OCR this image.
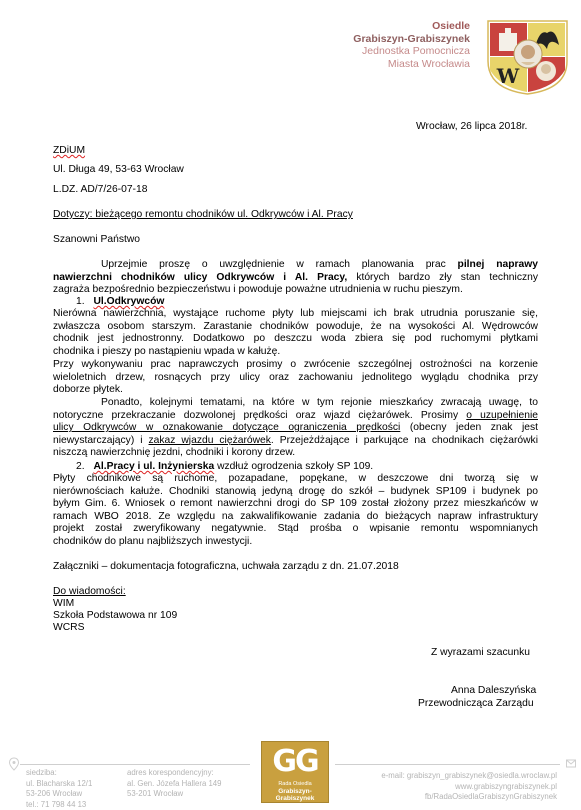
Osiedle
Grabiszyn-Grabiszynek
Jednostka Pomocnicza
Miasta Wrocławia
W
Wrocław, 26 lipca 2018r.
ZDiUM
Ul. Długa 49, 53-63 Wrocław
L.DZ. AD/7/26-07-18
Dotyczy: bieżącego remontu chodników ul. Odkrywców i Al. Pracy
Szanowni Państwo
Uprzejmie proszę o uwzględnienie w ramach planowania prac pilnej naprawy
nawierzchni chodników ulicy Odkrywców i Al. Pracy, których bardzo zły stan techniczny
zagraża bezpośrednio bezpieczeństwu i powoduje poważne utrudnienia w ruchu pieszym.
1. Ul.Odkrywców
Nierówna nawierzchnia, wystające ruchome płyty lub miejscami ich brak utrudnia poruszanie się,
zwłaszcza osobom starszym. Zarastanie chodników powoduje, że na wysokości Al. Wędrowców
chodnik jest jednostronny. Dodatkowo po deszczu woda zbiera się pod ruchomymi płytkami
chodnika i pieszy po nastąpieniu wpada w kałużę.
Przy wykonywaniu prac naprawczych prosimy o zwrócenie szczególnej ostrożności na korzenie
wieloletnich drzew, rosnących przy ulicy oraz zachowaniu jednolitego wyglądu chodnika przy
doborze płytek.
Ponadto, kolejnymi tematami, na które w tym rejonie mieszkańcy zwracają uwagę, to
notoryczne przekraczanie dozwolonej prędkości oraz wjazd ciężarówek. Prosimy o uzupełnienie
ulicy Odkrywców w oznakowanie dotyczące ograniczenia prędkości (obecny jeden znak jest
niewystarczający) i zakaz wjazdu ciężarówek. Przejeżdżające i parkujące na chodnikach ciężarówki
niszczą nawierzchnię jezdni, chodniki i korony drzew.
2. Al.Pracy i ul. Inżynierska wzdłuż ogrodzenia szkoły SP 109.
Płyty chodnikowe są ruchome, pozapadane, popękane, w deszczowe dni tworzą się w
nierównościach kałuże. Chodniki stanowią jedyną drogę do szkół – budynek SP109 i budynek po
byłym Gim. 6. Wniosek o remont nawierzchni drogi do SP 109 został złożony przez mieszkańców w
ramach WBO 2018. Ze względu na zakwalifikowanie zadania do bieżących napraw infrastruktury
projekt został zweryfikowany negatywnie. Stąd prośba o wpisanie remontu wspomnianych
chodników do planu najbliższych inwestycji.
Załączniki – dokumentacja fotograficzna, uchwała zarządu z dn. 21.07.2018
Do wiadomości:
WIM
Szkoła Podstawowa nr 109
WCRS
Z wyrazami szacunku
Anna Daleszyńska
Przewodnicząca Zarządu
siedziba:
ul. Blacharska 12/1
53-206 Wrocław
tel.: 71 798 44 13
adres korespondencyjny:
al. Gen. Józefa Hallera 149
53-201 Wrocław
GG
Rada Osiedla
Grabiszyn-Grabiszynek
e-mail: grabiszyn_grabiszynek@osiedla.wroclaw.pl
www.grabiszyngrabiszynek.pl
fb/RadaOsiedlaGrabiszynGrabiszynek
